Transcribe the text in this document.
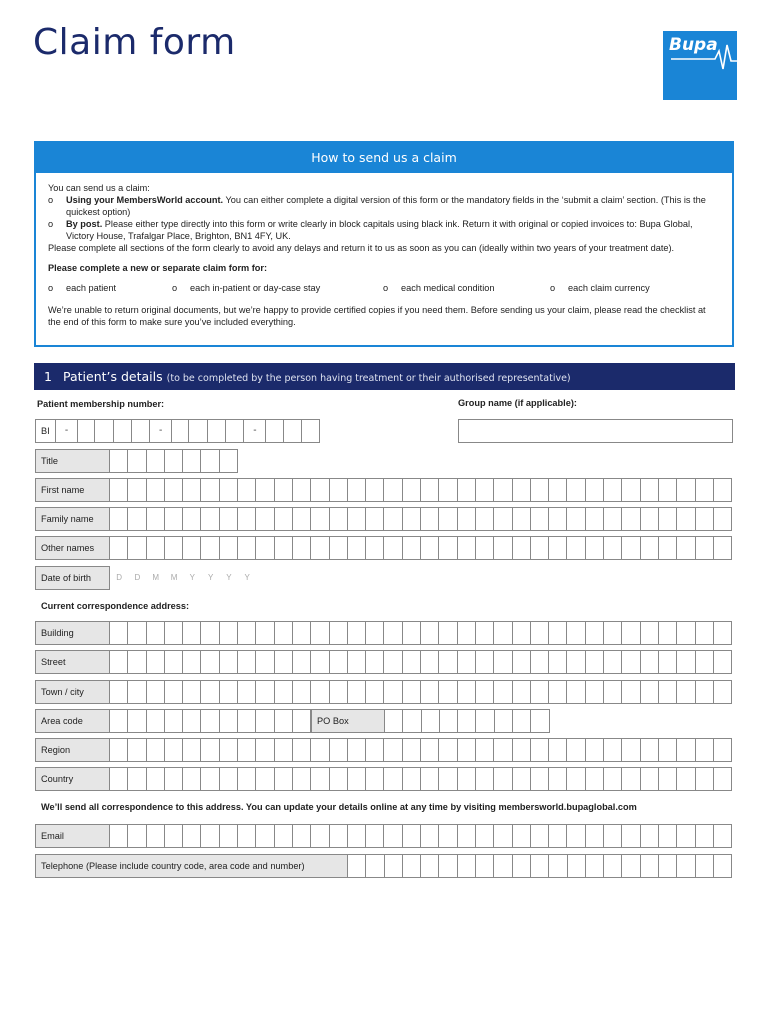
Claim form	Bupa
How to send us a claim

You can send us a claim:

o	Using your MembersWorld account. You can either complete a digital version of this form or the mandatory fields in the ‘submit a claim’ section. (This is the quickest option)
o	By post. Please either type directly into this form or write clearly in block capitals using black ink. Return it with original or copied invoices to: Bupa Global, Victory House, Trafalgar Place, Brighton, BN1 4FY, UK.

Please complete all sections of the form clearly to avoid any delays and return it to us as soon as you can (ideally within two years of your treatment date).

Please complete a new or separate claim form for:

o	each patient	o	each in-patient or day-case stay	o	each medical condition	o	each claim currency

We’re unable to return original documents, but we’re happy to provide certified copies if you need them. Before sending us your claim, please read the checklist at the end of this form to make sure you’ve included everything.

1 Patient’s details (to be completed by the person having treatment or their authorised representative)
Patient membership number:	Group name (if applicable):
BI	-	-	-
Title
First name
Family name
Other names
Date of birth	D	D	M	M	Y	Y	Y	Y
Current correspondence address:
Building
Street
Town / city
Area code	PO Box
Region
Country
We’ll send all correspondence to this address. You can update your details online at any time by visiting membersworld.bupaglobal.com
Email
Telephone (Please include country code, area code and number)
